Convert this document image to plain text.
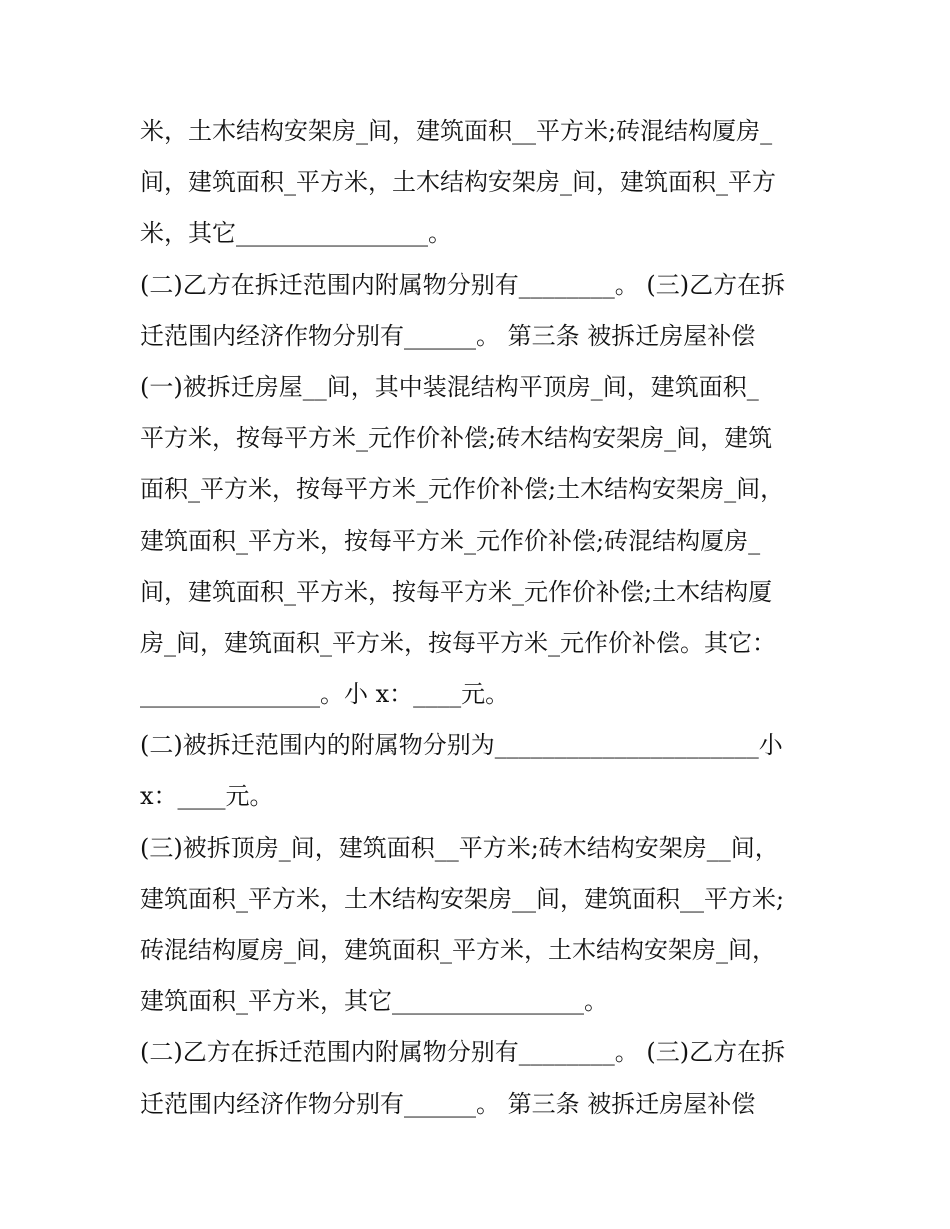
米，土木结构安架房_间，建筑面积__平方米;砖混结构厦房_
间，建筑面积_平方米，土木结构安架房_间，建筑面积_平方
米，其它________________。
(二)乙方在拆迁范围内附属物分别有________。 (三)乙方在拆
迁范围内经济作物分别有______。 第三条 被拆迁房屋补偿
(一)被拆迁房屋__间，其中装混结构平顶房_间，建筑面积_
平方米，按每平方米_元作价补偿;砖木结构安架房_间，建筑
面积_平方米，按每平方米_元作价补偿;土木结构安架房_间，
建筑面积_平方米，按每平方米_元作价补偿;砖混结构厦房_
间，建筑面积_平方米，按每平方米_元作价补偿;土木结构厦
房_间，建筑面积_平方米，按每平方米_元作价补偿。其它：
_______________。小 x：____元。
(二)被拆迁范围内的附属物分别为______________________小
x：____元。
(三)被拆顶房_间，建筑面积__平方米;砖木结构安架房__间，
建筑面积_平方米，土木结构安架房__间，建筑面积__平方米;
砖混结构厦房_间，建筑面积_平方米，土木结构安架房_间，
建筑面积_平方米，其它________________。
(二)乙方在拆迁范围内附属物分别有________。 (三)乙方在拆
迁范围内经济作物分别有______。 第三条 被拆迁房屋补偿
